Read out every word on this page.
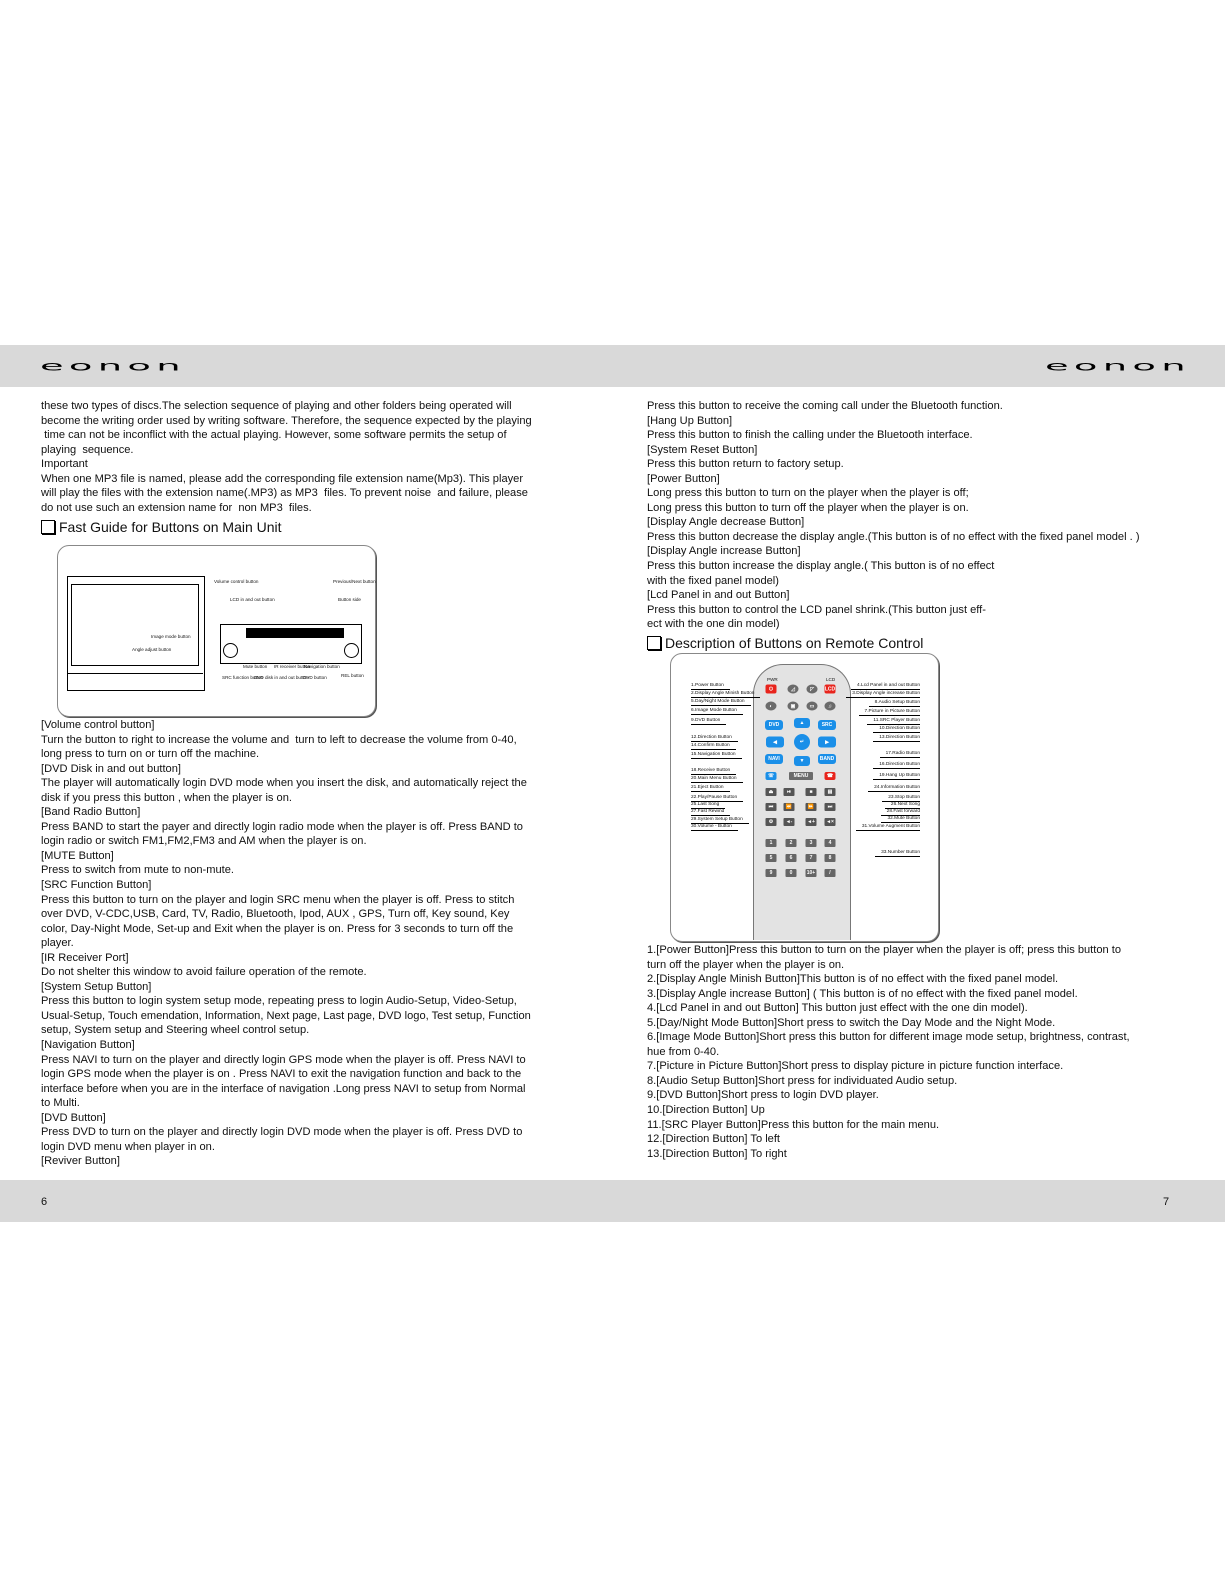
eonon	eonon
6	7
these two types of discs.The selection sequence of playing and other folders being operated will
become the writing order used by writing software. Therefore, the sequence expected by the playing
time can not be inconflict with the actual playing. However, some software permits the setup of
playing  sequence.
Important
When one MP3 file is named, please add the corresponding file extension name(Mp3). This player
will play the files with the extension name(.MP3) as MP3  files. To prevent noise  and failure, please
do not use such an extension name for  non MP3  files.
Fast Guide for Buttons on Main Unit
Volume control button	Previous/Next button
LCD in and out button	Button side
Image mode button
Angle adjust button
Mute button IR receiver button
Navigation button
SRC function button
DVD disk in and out button
DVD button	REL button
[Volume control button]
Turn the button to right to increase the volume and  turn to left to decrease the volume from 0-40,
long press to turn on or turn off the machine.
[DVD Disk in and out button]
The player will automatically login DVD mode when you insert the disk, and automatically reject the
disk if you press this button , when the player is on.
[Band Radio Button]
Press BAND to start the payer and directly login radio mode when the player is off. Press BAND to
login radio or switch FM1,FM2,FM3 and AM when the player is on.
[MUTE Button]
Press to switch from mute to non-mute.
[SRC Function Button]
Press this button to turn on the player and login SRC menu when the player is off. Press to stitch
over DVD, V-CDC,USB, Card, TV, Radio, Bluetooth, Ipod, AUX , GPS, Turn off, Key sound, Key
color, Day-Night Mode, Set-up and Exit when the player is on. Press for 3 seconds to turn off the
player.
[IR Receiver Port]
Do not shelter this window to avoid failure operation of the remote.
[System Setup Button]
Press this button to login system setup mode, repeating press to login Audio-Setup, Video-Setup,
Usual-Setup, Touch emendation, Information, Next page, Last page, DVD logo, Test setup, Function
setup, System setup and Steering wheel control setup.
[Navigation Button]
Press NAVI to turn on the player and directly login GPS mode when the player is off. Press NAVI to
login GPS mode when the player is on . Press NAVI to exit the navigation function and back to the
interface before when you are in the interface of navigation .Long press NAVI to setup from Normal
to Multi.
[DVD Button]
Press DVD to turn on the player and directly login DVD mode when the player is off. Press DVD to
login DVD menu when player in on.
[Reviver Button]
Press this button to receive the coming call under the Bluetooth function.
[Hang Up Button]
Press this button to finish the calling under the Bluetooth interface.
[System Reset Button]
Press this button return to factory setup.
[Power Button]
Long press this button to turn on the player when the player is off;
Long press this button to turn off the player when the player is on.
[Display Angle decrease Button]
Press this button decrease the display angle.(This button is of no effect with the fixed panel model . )
[Display Angle increase Button]
Press this button increase the display angle.( This button is of no effect
with the fixed panel model)
[Lcd Panel in and out Button]
Press this button to control the LCD panel shrink.(This button just eff-
ect with the one din model)
Description of Buttons on Remote Control
PWR	LCD
⏻	◿	◸	LCD
◐	▣	▭	♫
DVD	▲	SRC
◀	↵	▶
NAVI	▼	BAND
☏	MENU	☎
⏏	⏯	■	▤
⏮	⏪	⏩	⏭
⚙	◄-	◄+	◄×
1	2	3	4
5	6	7	8
9	0	10+	/
1.Power Button
2.Display Angle Minish Button
5.Day/Night Mode Button
6.Image Mode Button
9.DVD Button
12.Direction Button
14.Confirm Button
15.Navigation Button
18.Receive Button
20.Main Menu Button
21.Eject Button
22.Play/Pause Button
25.Last Song
27.Fast Rewind
29.System Setup Button
30.Volume - Button
4.Lcd Panel in and out Button
3.Display Angle increase Button
8.Audio Setup Button
7.Picture in Picture Button
11.SRC Player Button
10.Direction Button
13.Direction Button
17.Radio Button
16.Direction Button
19.Hang Up Button
24.Information Button
23.Stop Button
26.Next Song
28.Fast forward
32.Mute Button
31.Volume Augment Button
33.Number Button
1.[Power Button]Press this button to turn on the player when the player is off; press this button to
turn off the player when the player is on.
2.[Display Angle Minish Button]This button is of no effect with the fixed panel model.
3.[Display Angle increase Button] ( This button is of no effect with the fixed panel model.
4.[Lcd Panel in and out Button] This button just effect with the one din model).
5.[Day/Night Mode Button]Short press to switch the Day Mode and the Night Mode.
6.[Image Mode Button]Short press this button for different image mode setup, brightness, contrast,
hue from 0-40.
7.[Picture in Picture Button]Short press to display picture in picture function interface.
8.[Audio Setup Button]Short press for individuated Audio setup.
9.[DVD Button]Short press to login DVD player.
10.[Direction Button] Up
11.[SRC Player Button]Press this button for the main menu.
12.[Direction Button] To left
13.[Direction Button] To right
